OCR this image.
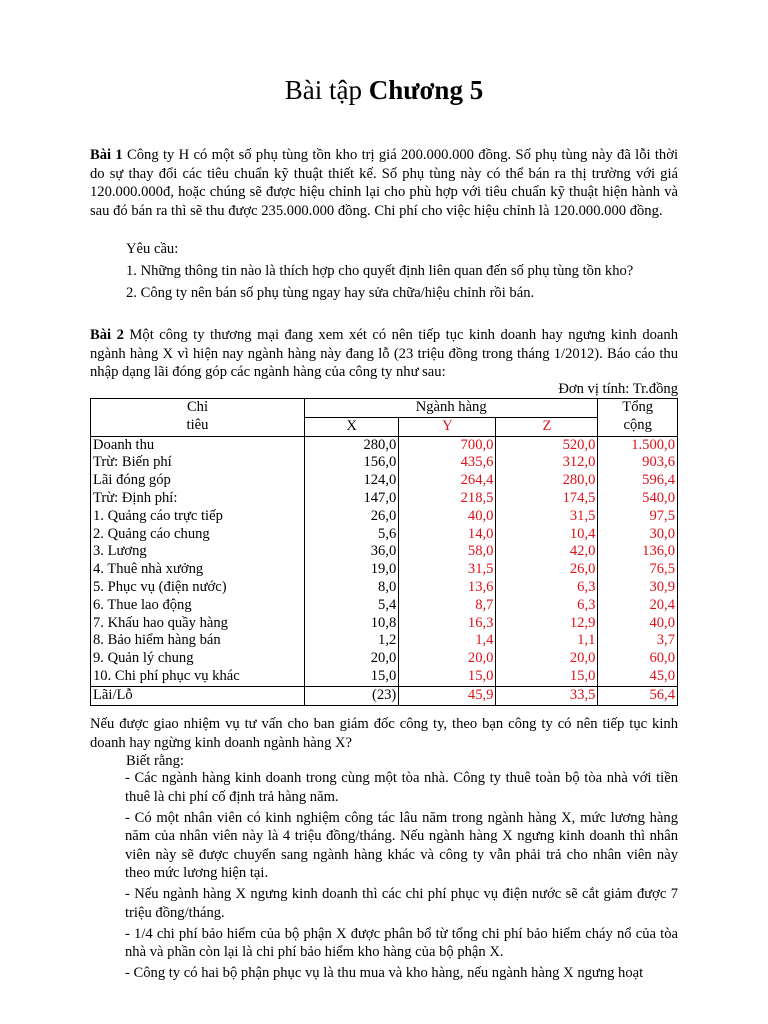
Bài tập Chương 5

Bài 1 Công ty H có một số phụ tùng tồn kho trị giá 200.000.000 đồng. Số phụ tùng này đã lỗi thời do sự thay đổi các tiêu chuẩn kỹ thuật thiết kế. Số phụ tùng này có thể bán ra thị trường với giá 120.000.000đ, hoặc chúng sẽ được hiệu chỉnh lại cho phù hợp với tiêu chuẩn kỹ thuật hiện hành và sau đó bán ra thì sẽ thu được 235.000.000 đồng. Chi phí cho việc hiệu chỉnh là 120.000.000 đồng.

Yêu cầu:
1. Những thông tin nào là thích hợp cho quyết định liên quan đến số phụ tùng tồn kho?
2. Công ty nên bán số phụ tùng ngay hay sửa chữa/hiệu chỉnh rồi bán.

Bài 2 Một công ty thương mại đang xem xét có nên tiếp tục kinh doanh hay ngưng kinh doanh ngành hàng X vì hiện nay ngành hàng này đang lỗ (23 triệu đồng trong tháng 1/2012). Báo cáo thu nhập dạng lãi đóng góp các ngành hàng của công ty như sau:

Đơn vị tính: Tr.đồng
Chỉ
tiêu	Ngành hàng			Tổng
cộng
	X	Y	Z	
Doanh thu	280,0	700,0	520,0	1.500,0
Trừ: Biến phí	156,0	435,6	312,0	903,6
Lãi đóng góp	124,0	264,4	280,0	596,4
Trừ: Định phí:	147,0	218,5	174,5	540,0
1. Quảng cáo trực tiếp	26,0	40,0	31,5	97,5
2. Quảng cáo chung	5,6	14,0	10,4	30,0
3. Lương	36,0	58,0	42,0	136,0
4. Thuê nhà xưởng	19,0	31,5	26,0	76,5
5. Phục vụ (điện nước)	8,0	13,6	6,3	30,9
6. Thue lao động	5,4	8,7	6,3	20,4
7. Khấu hao quầy hàng	10,8	16,3	12,9	40,0
8. Bảo hiểm hàng bán	1,2	1,4	1,1	3,7
9. Quản lý chung	20,0	20,0	20,0	60,0
10. Chi phí phục vụ khác	15,0	15,0	15,0	45,0
Lãi/Lỗ	(23)	45,9	33,5	56,4

Nếu được giao nhiệm vụ tư vấn cho ban giám đốc công ty, theo bạn công ty có nên tiếp tục kinh doanh hay ngừng kinh doanh ngành hàng X?

Biết rằng:

- Các ngành hàng kinh doanh trong cùng một tòa nhà. Công ty thuê toàn bộ tòa nhà với tiền thuê là chi phí cố định trả hàng năm.

- Có một nhân viên có kinh nghiệm công tác lâu năm trong ngành hàng X, mức lương hàng năm của nhân viên này là 4 triệu đồng/tháng. Nếu ngành hàng X ngưng kinh doanh thì nhân viên này sẽ được chuyển sang ngành hàng khác và công ty vẫn phải trả cho nhân viên này theo mức lương hiện tại.

- Nếu ngành hàng X ngưng kinh doanh thì các chi phí phục vụ điện nước sẽ cắt giảm được 7 triệu đồng/tháng.

- 1/4 chi phí bảo hiểm của bộ phận X được phân bổ từ tổng chi phí bảo hiểm cháy nổ của tòa nhà và phần còn lại là chi phí bảo hiểm kho hàng của bộ phận X.

- Công ty có hai bộ phận phục vụ là thu mua và kho hàng, nếu ngành hàng X ngưng hoạt
